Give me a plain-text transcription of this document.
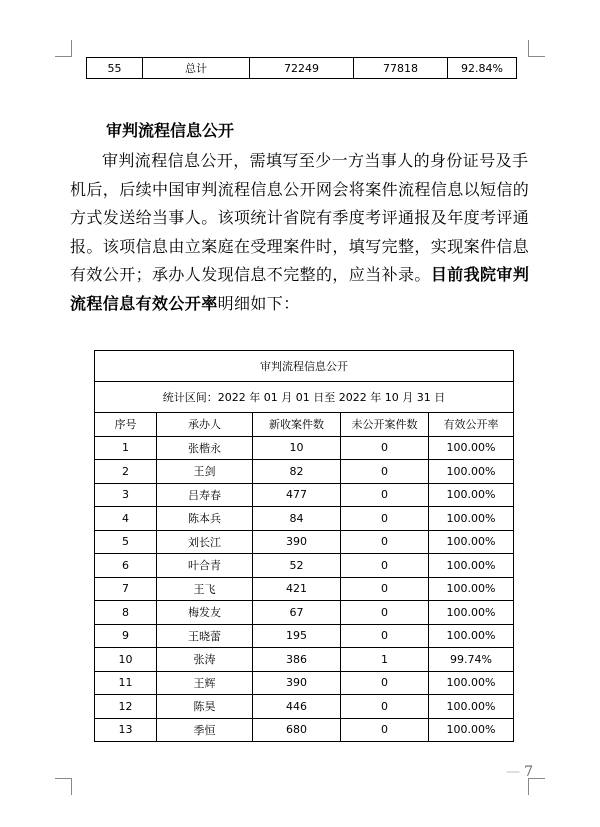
55	总计	72249	77818	92.84%
审判流程信息公开

审判流程信息公开，需填写至少一方当事人的身份证号及手机后，后续中国审判流程信息公开网会将案件流程信息以短信的方式发送给当事人。该项统计省院有季度考评通报及年度考评通报。该项信息由立案庭在受理案件时，填写完整，实现案件信息有效公开；承办人发现信息不完整的，应当补录。目前我院审判流程信息有效公开率明细如下：

审判流程信息公开				
统计区间：2022 年 01 月 01 日至 2022 年 10 月 31 日				
序号	承办人	新收案件数	未公开案件数	有效公开率
1	张楷永	10	0	100.00%
2	王剑	82	0	100.00%
3	吕寿春	477	0	100.00%
4	陈本兵	84	0	100.00%
5	刘长江	390	0	100.00%
6	叶合青	52	0	100.00%
7	王飞	421	0	100.00%
8	梅发友	67	0	100.00%
9	王晓蕾	195	0	100.00%
10	张涛	386	1	99.74%
11	王辉	390	0	100.00%
12	陈昊	446	0	100.00%
13	季恒	680	0	100.00%
— 7
